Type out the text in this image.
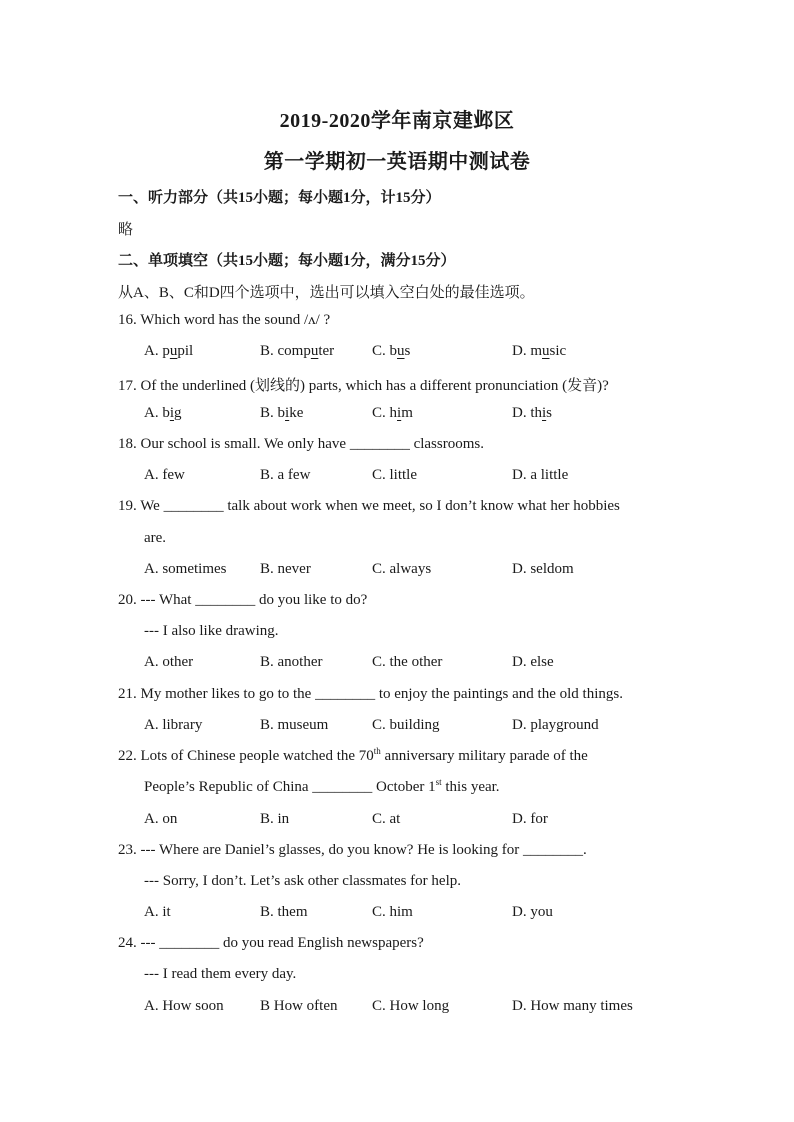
2019-2020学年南京建邺区
第一学期初一英语期中测试卷
一、听力部分（共15小题；每小题1分，计15分）
略
二、单项填空（共15小题；每小题1分，满分15分）
从A、B、C和D四个选项中，选出可以填入空白处的最佳选项。
16. Which word has the sound /ʌ/ ?
A. pupil	B. computer	C. bus	D. music
17. Of the underlined (划线的) parts, which has a different pronunciation (发音)?
A. big	B. bike	C. him	D. this
18. Our school is small. We only have ________ classrooms.
A. few	B. a few	C. little	D. a little
19. We ________ talk about work when we meet, so I don’t know what her hobbies
are.
A. sometimes B. never	C. always	D. seldom
20. --- What ________ do you like to do?
--- I also like drawing.
A. other	B. another	C. the other	D. else
21. My mother likes to go to the ________ to enjoy the paintings and the old things.
A. library	B. museum	C. building	D. playground
22. Lots of Chinese people watched the 70th anniversary military parade of the
People’s Republic of China ________ October 1st this year.
A. on	B. in	C. at	D. for
23. --- Where are Daniel’s glasses, do you know? He is looking for ________.
--- Sorry, I don’t. Let’s ask other classmates for help.
A. it	B. them	C. him	D. you
24. --- ________ do you read English newspapers?
--- I read them every day.
A. How soon B How often C. How long	D. How many times
